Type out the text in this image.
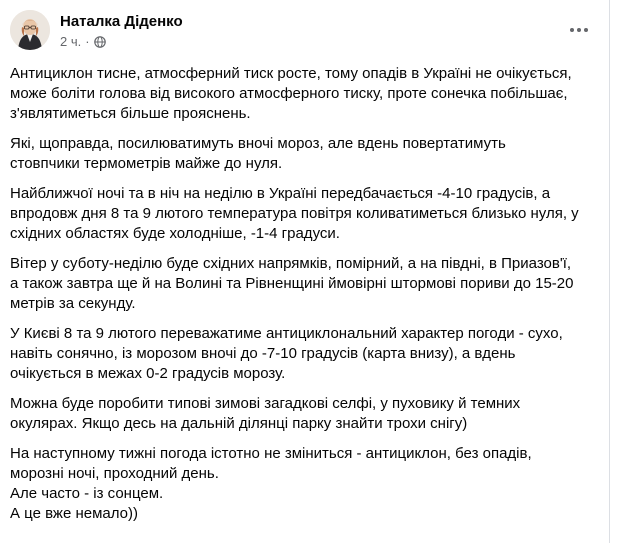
Наталка Діденко
2 ч. ·

Антициклон тисне, атмосферний тиск росте, тому опадів в Україні не очікується,
може боліти голова від високого атмосферного тиску, проте сонечка побільшає,
з'являтиметься більше прояснень.

Які, щоправда, посилюватимуть вночі мороз, але вдень повертатимуть
стовпчики термометрів майже до нуля.

Найближчої ночі та в ніч на неділю в Україні передбачається -4-10 градусів, а
впродовж дня 8 та 9 лютого температура повітря коливатиметься близько нуля, у
східних областях буде холодніше, -1-4 градуси.

Вітер у суботу-неділю буде східних напрямків, помірний, а на півдні, в Приазов'ї,
а також завтра ще й на Волині та Рівненщині ймовірні штормові пориви до 15-20
метрів за секунду.

У Києві 8 та 9 лютого переважатиме антициклональний характер погоди - сухо,
навіть сонячно, із морозом вночі до -7-10 градусів (карта внизу), а вдень
очікується в межах 0-2 градусів морозу.

Можна буде поробити типові зимові загадкові селфі, у пуховику й темних
окулярах. Якщо десь на дальній ділянці парку знайти трохи снігу)

На наступному тижні погода істотно не зміниться - антициклон, без опадів,
морозні ночі, проходний день.
Але часто - із сонцем.
А це вже немало))
